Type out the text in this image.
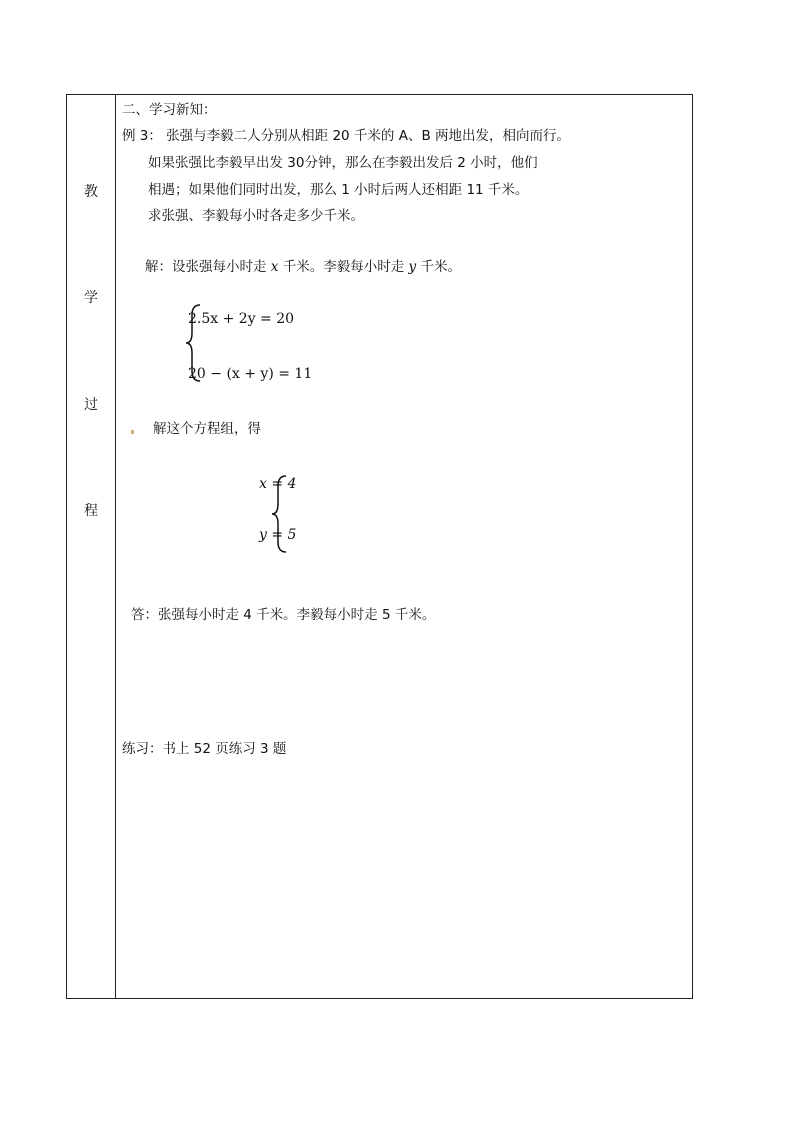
教
学
过
程
二、学习新知：
例 3： 张强与李毅二人分别从相距 20 千米的 A、B 两地出发，相向而行。
如果张强比李毅早出发 30分钟，那么在李毅出发后 2 小时，他们
相遇；如果他们同时出发，那么 1 小时后两人还相距 11 千米。
求张强、李毅每小时各走多少千米。
解：设张强每小时走 x 千米。李毅每小时走 y 千米。
2.5x + 2y = 20
20 − (x + y) = 11
解这个方程组，得
x = 4
y = 5
答：张强每小时走 4 千米。李毅每小时走 5 千米。
练习：书上 52 页练习 3 题
